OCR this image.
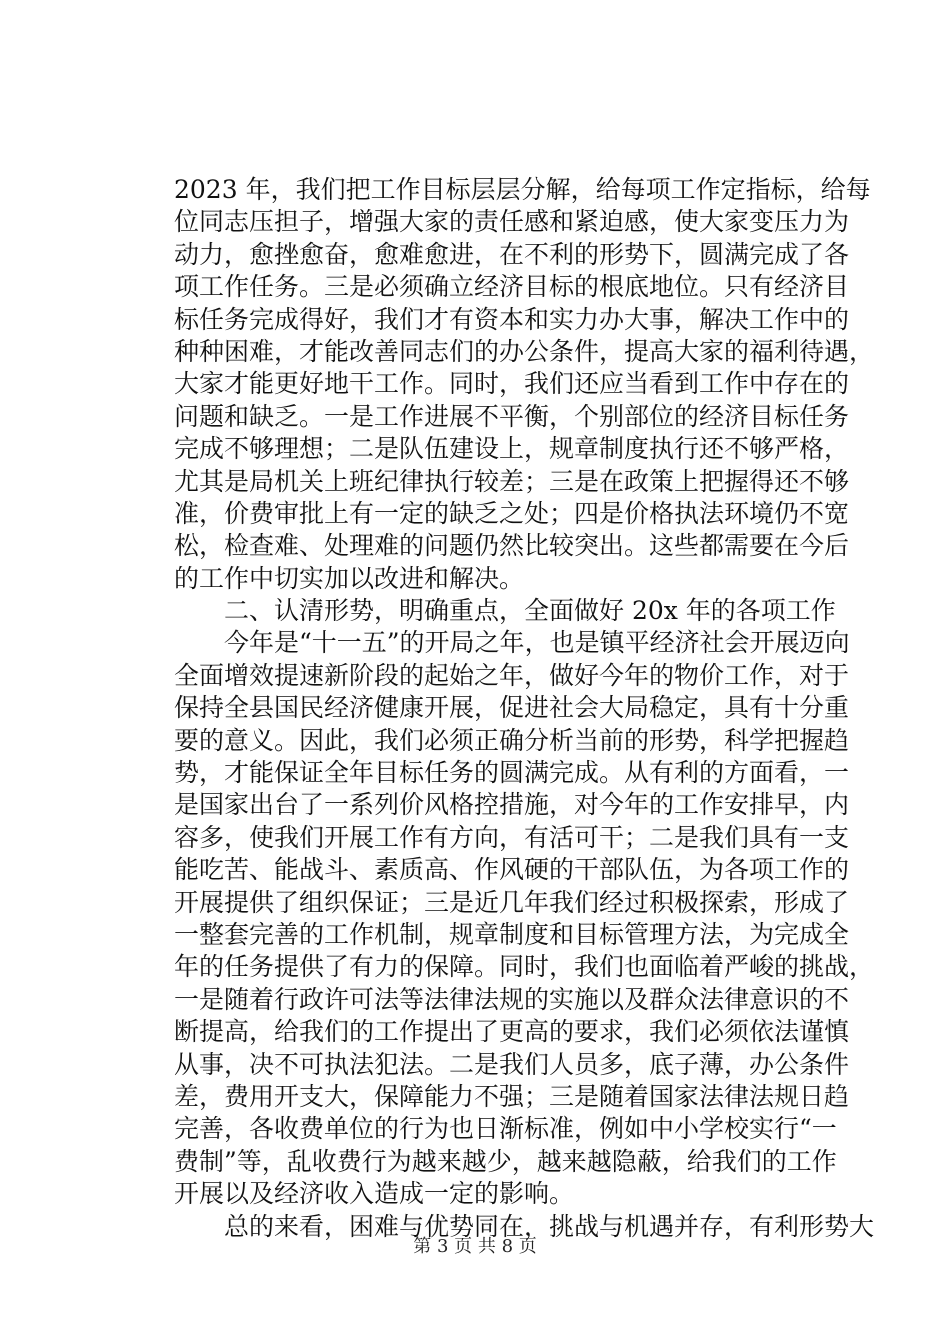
2023 年，我们把工作目标层层分解，给每项工作定指标，给每
位同志压担子，增强大家的责任感和紧迫感，使大家变压力为
动力，愈挫愈奋，愈难愈进，在不利的形势下，圆满完成了各
项工作任务。三是必须确立经济目标的根底地位。只有经济目
标任务完成得好，我们才有资本和实力办大事，解决工作中的
种种困难，才能改善同志们的办公条件，提高大家的福利待遇，
大家才能更好地干工作。同时，我们还应当看到工作中存在的
问题和缺乏。一是工作进展不平衡，个别部位的经济目标任务
完成不够理想；二是队伍建设上，规章制度执行还不够严格，
尤其是局机关上班纪律执行较差；三是在政策上把握得还不够
准，价费审批上有一定的缺乏之处；四是价格执法环境仍不宽
松，检查难、处理难的问题仍然比较突出。这些都需要在今后
的工作中切实加以改进和解决。
二、认清形势，明确重点，全面做好 20x 年的各项工作
今年是“十一五”的开局之年，也是镇平经济社会开展迈向
全面增效提速新阶段的起始之年，做好今年的物价工作，对于
保持全县国民经济健康开展，促进社会大局稳定，具有十分重
要的意义。因此，我们必须正确分析当前的形势，科学把握趋
势，才能保证全年目标任务的圆满完成。从有利的方面看，一
是国家出台了一系列价风格控措施，对今年的工作安排早，内
容多，使我们开展工作有方向，有活可干；二是我们具有一支
能吃苦、能战斗、素质高、作风硬的干部队伍，为各项工作的
开展提供了组织保证；三是近几年我们经过积极探索，形成了
一整套完善的工作机制，规章制度和目标管理方法，为完成全
年的任务提供了有力的保障。同时，我们也面临着严峻的挑战，
一是随着行政许可法等法律法规的实施以及群众法律意识的不
断提高，给我们的工作提出了更高的要求，我们必须依法谨慎
从事，决不可执法犯法。二是我们人员多，底子薄，办公条件
差，费用开支大，保障能力不强；三是随着国家法律法规日趋
完善，各收费单位的行为也日渐标准，例如中小学校实行“一
费制”等，乱收费行为越来越少，越来越隐蔽，给我们的工作
开展以及经济收入造成一定的影响。
总的来看，困难与优势同在，挑战与机遇并存，有利形势大
第 3 页 共 8 页
